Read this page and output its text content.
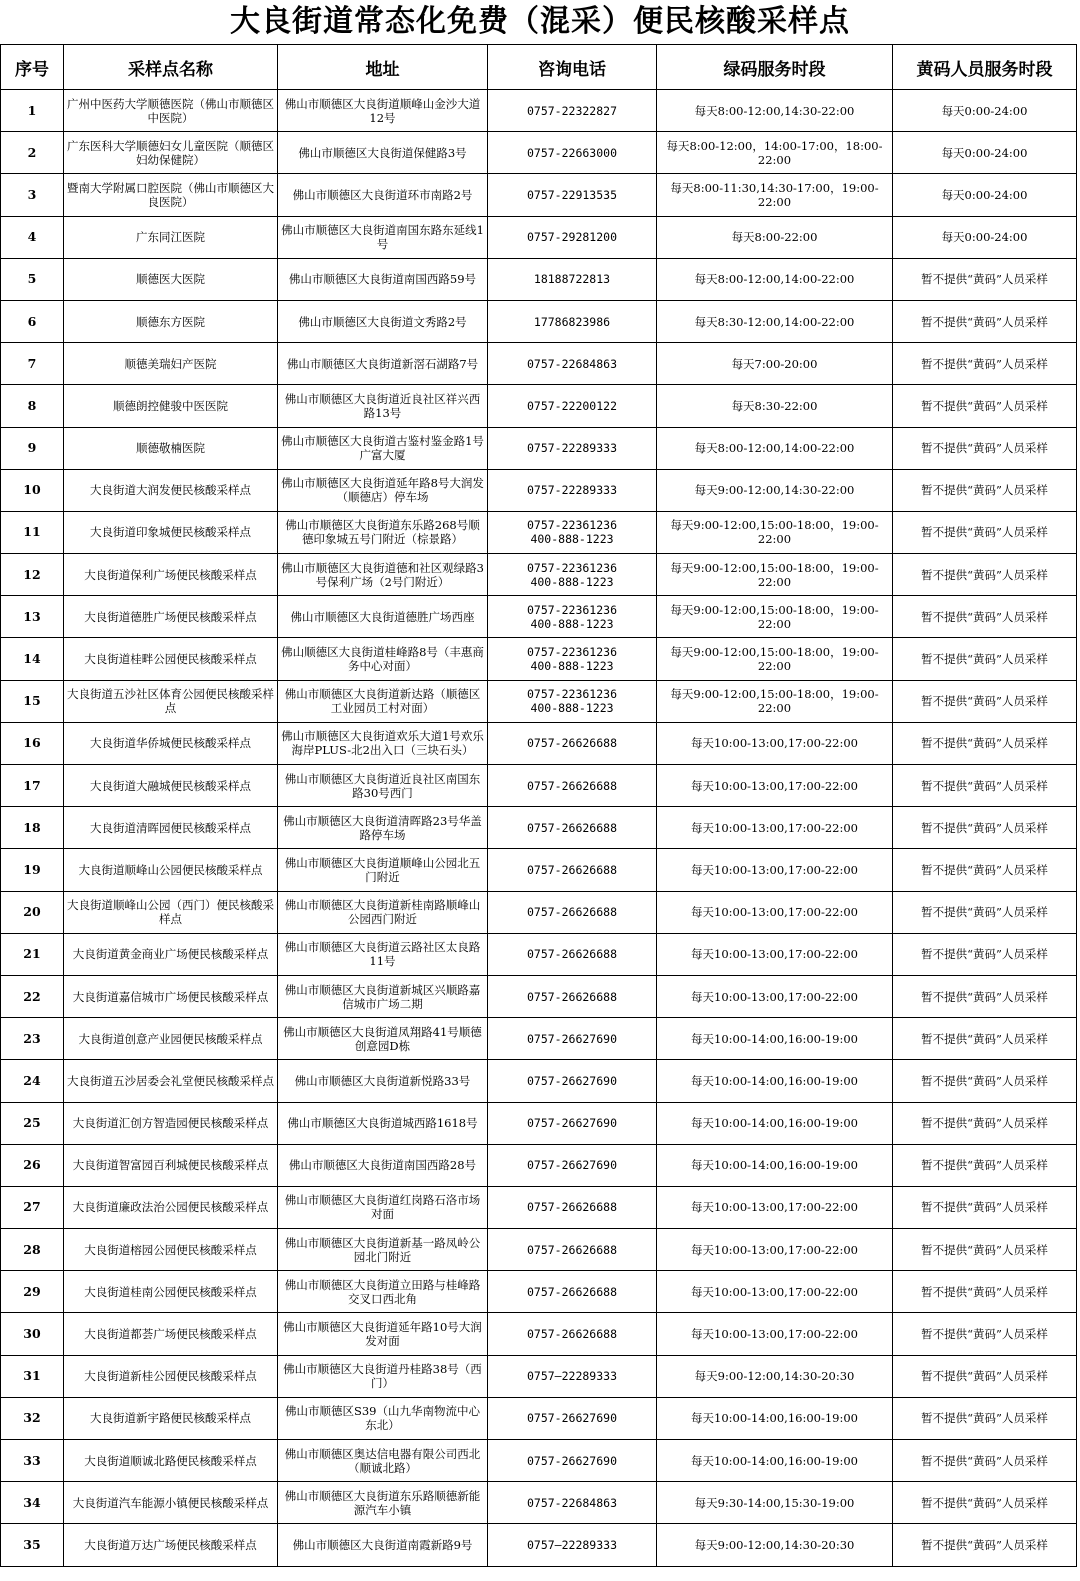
大良街道常态化免费（混采）便民核酸采样点
序号	采样点名称	地址	咨询电话	绿码服务时段	黄码人员服务时段
1	广州中医药大学顺德医院（佛山市顺德区中医院）	佛山市顺德区大良街道顺峰山金沙大道12号	0757-22322827	每天8:00-12:00,14:30-22:00	每天0:00-24:00
2	广东医科大学顺德妇女儿童医院（顺德区妇幼保健院）	佛山市顺德区大良街道保健路3号	0757-22663000	每天8:00-12:00，14:00-17:00，18:00-22:00	每天0:00-24:00
3	暨南大学附属口腔医院（佛山市顺德区大良医院）	佛山市顺德区大良街道环市南路2号	0757-22913535	每天8:00-11:30,14:30-17:00，19:00-22:00	每天0:00-24:00
4	广东同江医院	佛山市顺德区大良街道南国东路东延线1号	0757-29281200	每天8:00-22:00	每天0:00-24:00
5	顺德医大医院	佛山市顺德区大良街道南国西路59号	18188722813	每天8:00-12:00,14:00-22:00	暂不提供“黄码”人员采样
6	顺德东方医院	佛山市顺德区大良街道文秀路2号	17786823986	每天8:30-12:00,14:00-22:00	暂不提供“黄码”人员采样
7	顺德美瑞妇产医院	佛山市顺德区大良街道新滘石湖路7号	0757-22684863	每天7:00-20:00	暂不提供“黄码”人员采样
8	顺德朗控健骏中医医院	佛山市顺德区大良街道近良社区祥兴西路13号	0757-22200122	每天8:30-22:00	暂不提供“黄码”人员采样
9	顺德敬楠医院	佛山市顺德区大良街道古鉴村鉴金路1号广富大厦	0757-22289333	每天8:00-12:00,14:00-22:00	暂不提供“黄码”人员采样
10	大良街道大润发便民核酸采样点	佛山市顺德区大良街道延年路8号大润发（顺德店）停车场	0757-22289333	每天9:00-12:00,14:30-22:00	暂不提供“黄码”人员采样
11	大良街道印象城便民核酸采样点	佛山市顺德区大良街道东乐路268号顺德印象城五号门附近（棕景路）	0757-22361236
400-888-1223	每天9:00-12:00,15:00-18:00，19:00-22:00	暂不提供“黄码”人员采样
12	大良街道保利广场便民核酸采样点	佛山市顺德区大良街道德和社区观绿路3号保利广场（2号门附近）	0757-22361236
400-888-1223	每天9:00-12:00,15:00-18:00，19:00-22:00	暂不提供“黄码”人员采样
13	大良街道德胜广场便民核酸采样点	佛山市顺德区大良街道德胜广场西座	0757-22361236
400-888-1223	每天9:00-12:00,15:00-18:00，19:00-22:00	暂不提供“黄码”人员采样
14	大良街道桂畔公园便民核酸采样点	佛山顺德区大良街道桂峰路8号（丰惠商务中心对面）	0757-22361236
400-888-1223	每天9:00-12:00,15:00-18:00，19:00-22:00	暂不提供“黄码”人员采样
15	大良街道五沙社区体育公园便民核酸采样点	佛山市顺德区大良街道新达路（顺德区工业园员工村对面）	0757-22361236
400-888-1223	每天9:00-12:00,15:00-18:00，19:00-22:00	暂不提供“黄码”人员采样
16	大良街道华侨城便民核酸采样点	佛山市顺德区大良街道欢乐大道1号欢乐海岸PLUS-北2出入口（三块石头）	0757-26626688	每天10:00-13:00,17:00-22:00	暂不提供“黄码”人员采样
17	大良街道大融城便民核酸采样点	佛山市顺德区大良街道近良社区南国东路30号西门	0757-26626688	每天10:00-13:00,17:00-22:00	暂不提供“黄码”人员采样
18	大良街道清晖园便民核酸采样点	佛山市顺德区大良街道清晖路23号华盖路停车场	0757-26626688	每天10:00-13:00,17:00-22:00	暂不提供“黄码”人员采样
19	大良街道顺峰山公园便民核酸采样点	佛山市顺德区大良街道顺峰山公园北五门附近	0757-26626688	每天10:00-13:00,17:00-22:00	暂不提供“黄码”人员采样
20	大良街道顺峰山公园（西门）便民核酸采样点	佛山市顺德区大良街道新桂南路顺峰山公园西门附近	0757-26626688	每天10:00-13:00,17:00-22:00	暂不提供“黄码”人员采样
21	大良街道黄金商业广场便民核酸采样点	佛山市顺德区大良街道云路社区太良路11号	0757-26626688	每天10:00-13:00,17:00-22:00	暂不提供“黄码”人员采样
22	大良街道嘉信城市广场便民核酸采样点	佛山市顺德区大良街道新城区兴顺路嘉信城市广场二期	0757-26626688	每天10:00-13:00,17:00-22:00	暂不提供“黄码”人员采样
23	大良街道创意产业园便民核酸采样点	佛山市顺德区大良街道凤翔路41号顺德创意园D栋	0757-26627690	每天10:00-14:00,16:00-19:00	暂不提供“黄码”人员采样
24	大良街道五沙居委会礼堂便民核酸采样点	佛山市顺德区大良街道新悦路33号	0757-26627690	每天10:00-14:00,16:00-19:00	暂不提供“黄码”人员采样
25	大良街道汇创方智造园便民核酸采样点	佛山市顺德区大良街道城西路1618号	0757-26627690	每天10:00-14:00,16:00-19:00	暂不提供“黄码”人员采样
26	大良街道智富园百利城便民核酸采样点	佛山市顺德区大良街道南国西路28号	0757-26627690	每天10:00-14:00,16:00-19:00	暂不提供“黄码”人员采样
27	大良街道廉政法治公园便民核酸采样点	佛山市顺德区大良街道红岗路石洛市场对面	0757-26626688	每天10:00-13:00,17:00-22:00	暂不提供“黄码”人员采样
28	大良街道榕园公园便民核酸采样点	佛山市顺德区大良街道新基一路凤岭公园北门附近	0757-26626688	每天10:00-13:00,17:00-22:00	暂不提供“黄码”人员采样
29	大良街道桂南公园便民核酸采样点	佛山市顺德区大良街道立田路与桂峰路交叉口西北角	0757-26626688	每天10:00-13:00,17:00-22:00	暂不提供“黄码”人员采样
30	大良街道都荟广场便民核酸采样点	佛山市顺德区大良街道延年路10号大润发对面	0757-26626688	每天10:00-13:00,17:00-22:00	暂不提供“黄码”人员采样
31	大良街道新桂公园便民核酸采样点	佛山市顺德区大良街道丹桂路38号（西门）	0757—22289333	每天9:00-12:00,14:30-20:30	暂不提供“黄码”人员采样
32	大良街道新宇路便民核酸采样点	佛山市顺德区S39（山九华南物流中心东北）	0757-26627690	每天10:00-14:00,16:00-19:00	暂不提供“黄码”人员采样
33	大良街道顺诚北路便民核酸采样点	佛山市顺德区奥达信电器有限公司西北（顺诚北路）	0757-26627690	每天10:00-14:00,16:00-19:00	暂不提供“黄码”人员采样
34	大良街道汽车能源小镇便民核酸采样点	佛山市顺德区大良街道东乐路顺德新能源汽车小镇	0757-22684863	每天9:30-14:00,15:30-19:00	暂不提供“黄码”人员采样
35	大良街道万达广场便民核酸采样点	佛山市顺德区大良街道南霞新路9号	0757—22289333	每天9:00-12:00,14:30-20:30	暂不提供“黄码”人员采样
